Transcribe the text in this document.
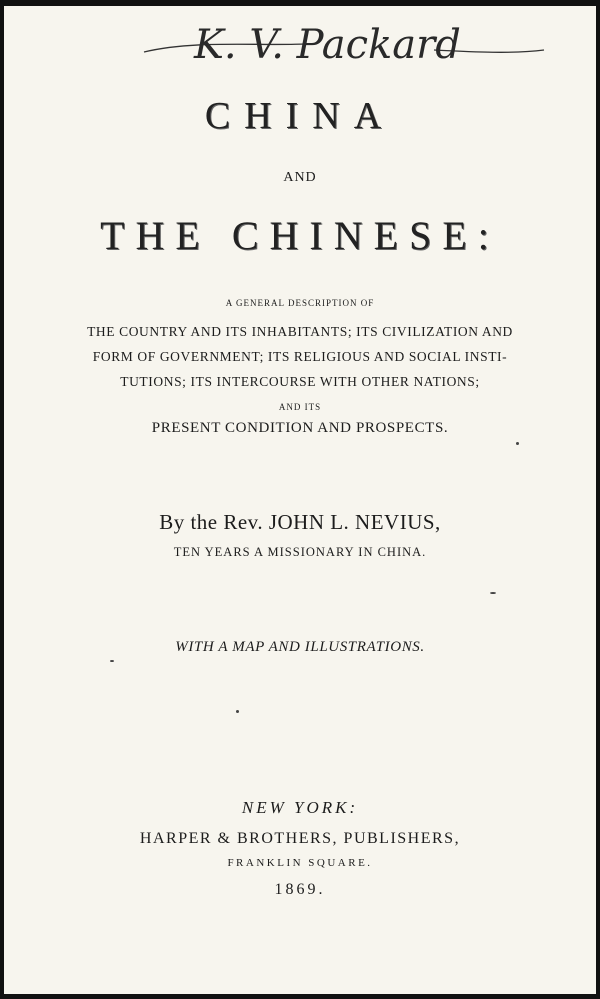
K. V. Packard
CHINA
AND
THE CHINESE:
A GENERAL DESCRIPTION OF
THE COUNTRY AND ITS INHABITANTS; ITS CIVILIZATION AND
FORM OF GOVERNMENT; ITS RELIGIOUS AND SOCIAL INSTI-
TUTIONS; ITS INTERCOURSE WITH OTHER NATIONS;
AND ITS
PRESENT CONDITION AND PROSPECTS.
By the Rev. JOHN L. NEVIUS,
TEN YEARS A MISSIONARY IN CHINA.
WITH A MAP AND ILLUSTRATIONS.
NEW YORK:
HARPER & BROTHERS, PUBLISHERS,
FRANKLIN SQUARE.
1869.
